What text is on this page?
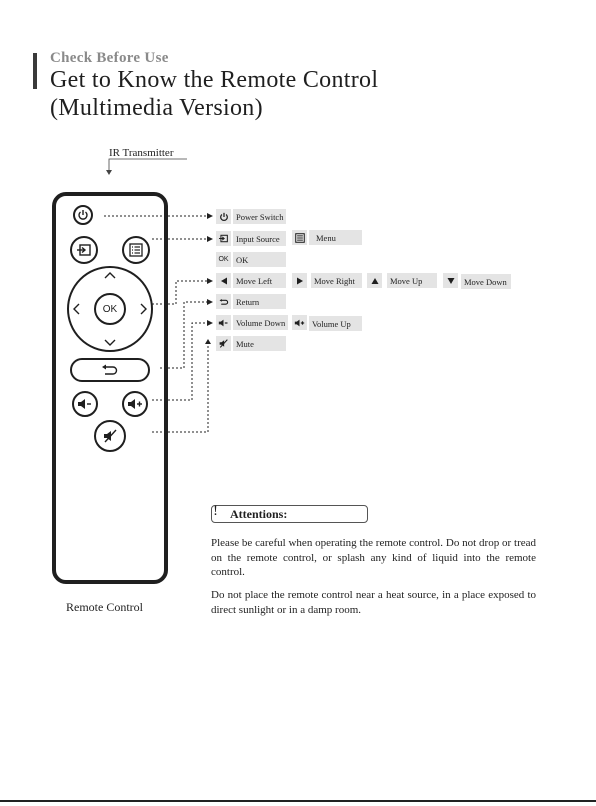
Check Before Use
Get to Know the Remote Control
(Multimedia Version)
IR Transmitter
OK
Remote Control
Power Switch
Input Source	Menu
OK OK
Move Left	Move Right	Move Up	Move Down
Return
Volume Down	Volume Up
Mute
! Attentions:
Please be careful when operating the remote control. Do not drop or tread on the remote control, or splash any kind of liquid into the remote control.
Do not place the remote control near a heat source, in a place exposed to direct sunlight or in a damp room.
